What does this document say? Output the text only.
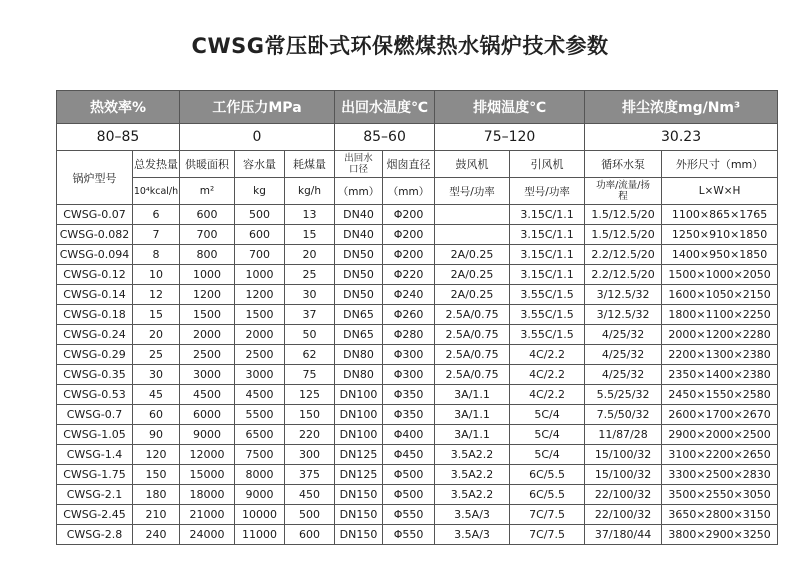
CWSG常压卧式环保燃煤热水锅炉技术参数
热效率%		工作压力MPa			出回水温度℃		排烟温度℃		排尘浓度mg/Nm³	
80–85		0			85–60		75–120		30.23	
锅炉型号	总发热量	供暖面积	容水量	耗煤量	出回水口径	烟囱直径	鼓风机	引风机	循环水泵	外形尺寸（mm）
	10⁴kcal/h	m²	kg	kg/h	（mm）	（mm）	型号/功率	型号/功率	功率/流量/扬程	L×W×H
CWSG-0.07	6	600	500	13	DN40	Φ200		3.15C/1.1	1.5/12.5/20	1100×865×1765
CWSG-0.082	7	700	600	15	DN40	Φ200		3.15C/1.1	1.5/12.5/20	1250×910×1850
CWSG-0.094	8	800	700	20	DN50	Φ200	2A/0.25	3.15C/1.1	2.2/12.5/20	1400×950×1850
CWSG-0.12	10	1000	1000	25	DN50	Φ220	2A/0.25	3.15C/1.1	2.2/12.5/20	1500×1000×2050
CWSG-0.14	12	1200	1200	30	DN50	Φ240	2A/0.25	3.55C/1.5	3/12.5/32	1600×1050×2150
CWSG-0.18	15	1500	1500	37	DN65	Φ260	2.5A/0.75	3.55C/1.5	3/12.5/32	1800×1100×2250
CWSG-0.24	20	2000	2000	50	DN65	Φ280	2.5A/0.75	3.55C/1.5	4/25/32	2000×1200×2280
CWSG-0.29	25	2500	2500	62	DN80	Φ300	2.5A/0.75	4C/2.2	4/25/32	2200×1300×2380
CWSG-0.35	30	3000	3000	75	DN80	Φ300	2.5A/0.75	4C/2.2	4/25/32	2350×1400×2380
CWSG-0.53	45	4500	4500	125	DN100	Φ350	3A/1.1	4C/2.2	5.5/25/32	2450×1550×2580
CWSG-0.7	60	6000	5500	150	DN100	Φ350	3A/1.1	5C/4	7.5/50/32	2600×1700×2670
CWSG-1.05	90	9000	6500	220	DN100	Φ400	3A/1.1	5C/4	11/87/28	2900×2000×2500
CWSG-1.4	120	12000	7500	300	DN125	Φ450	3.5A2.2	5C/4	15/100/32	3100×2200×2650
CWSG-1.75	150	15000	8000	375	DN125	Φ500	3.5A2.2	6C/5.5	15/100/32	3300×2500×2830
CWSG-2.1	180	18000	9000	450	DN150	Φ500	3.5A2.2	6C/5.5	22/100/32	3500×2550×3050
CWSG-2.45	210	21000	10000	500	DN150	Φ550	3.5A/3	7C/7.5	22/100/32	3650×2800×3150
CWSG-2.8	240	24000	11000	600	DN150	Φ550	3.5A/3	7C/7.5	37/180/44	3800×2900×3250
